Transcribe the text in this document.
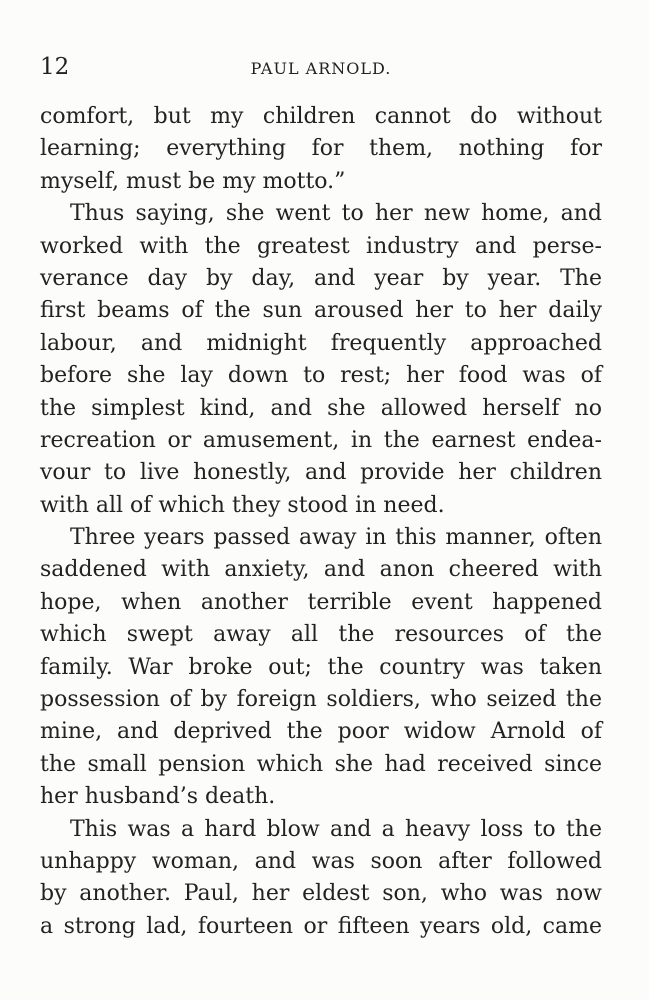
12	PAUL ARNOLD.

comfort, but my children cannot do without
learning; everything for them, nothing for
myself, must be my motto.”

Thus saying, she went to her new home, and
worked with the greatest industry and perse-
verance day by day, and year by year. The
first beams of the sun aroused her to her daily
labour, and midnight frequently approached
before she lay down to rest; her food was of
the simplest kind, and she allowed herself no
recreation or amusement, in the earnest endea-
vour to live honestly, and provide her children
with all of which they stood in need.

Three years passed away in this manner, often
saddened with anxiety, and anon cheered with
hope, when another terrible event happened
which swept away all the resources of the
family. War broke out; the country was taken
possession of by foreign soldiers, who seized the
mine, and deprived the poor widow Arnold of
the small pension which she had received since
her husband’s death.

This was a hard blow and a heavy loss to the
unhappy woman, and was soon after followed
by another. Paul, her eldest son, who was now
a strong lad, fourteen or fifteen years old, came
